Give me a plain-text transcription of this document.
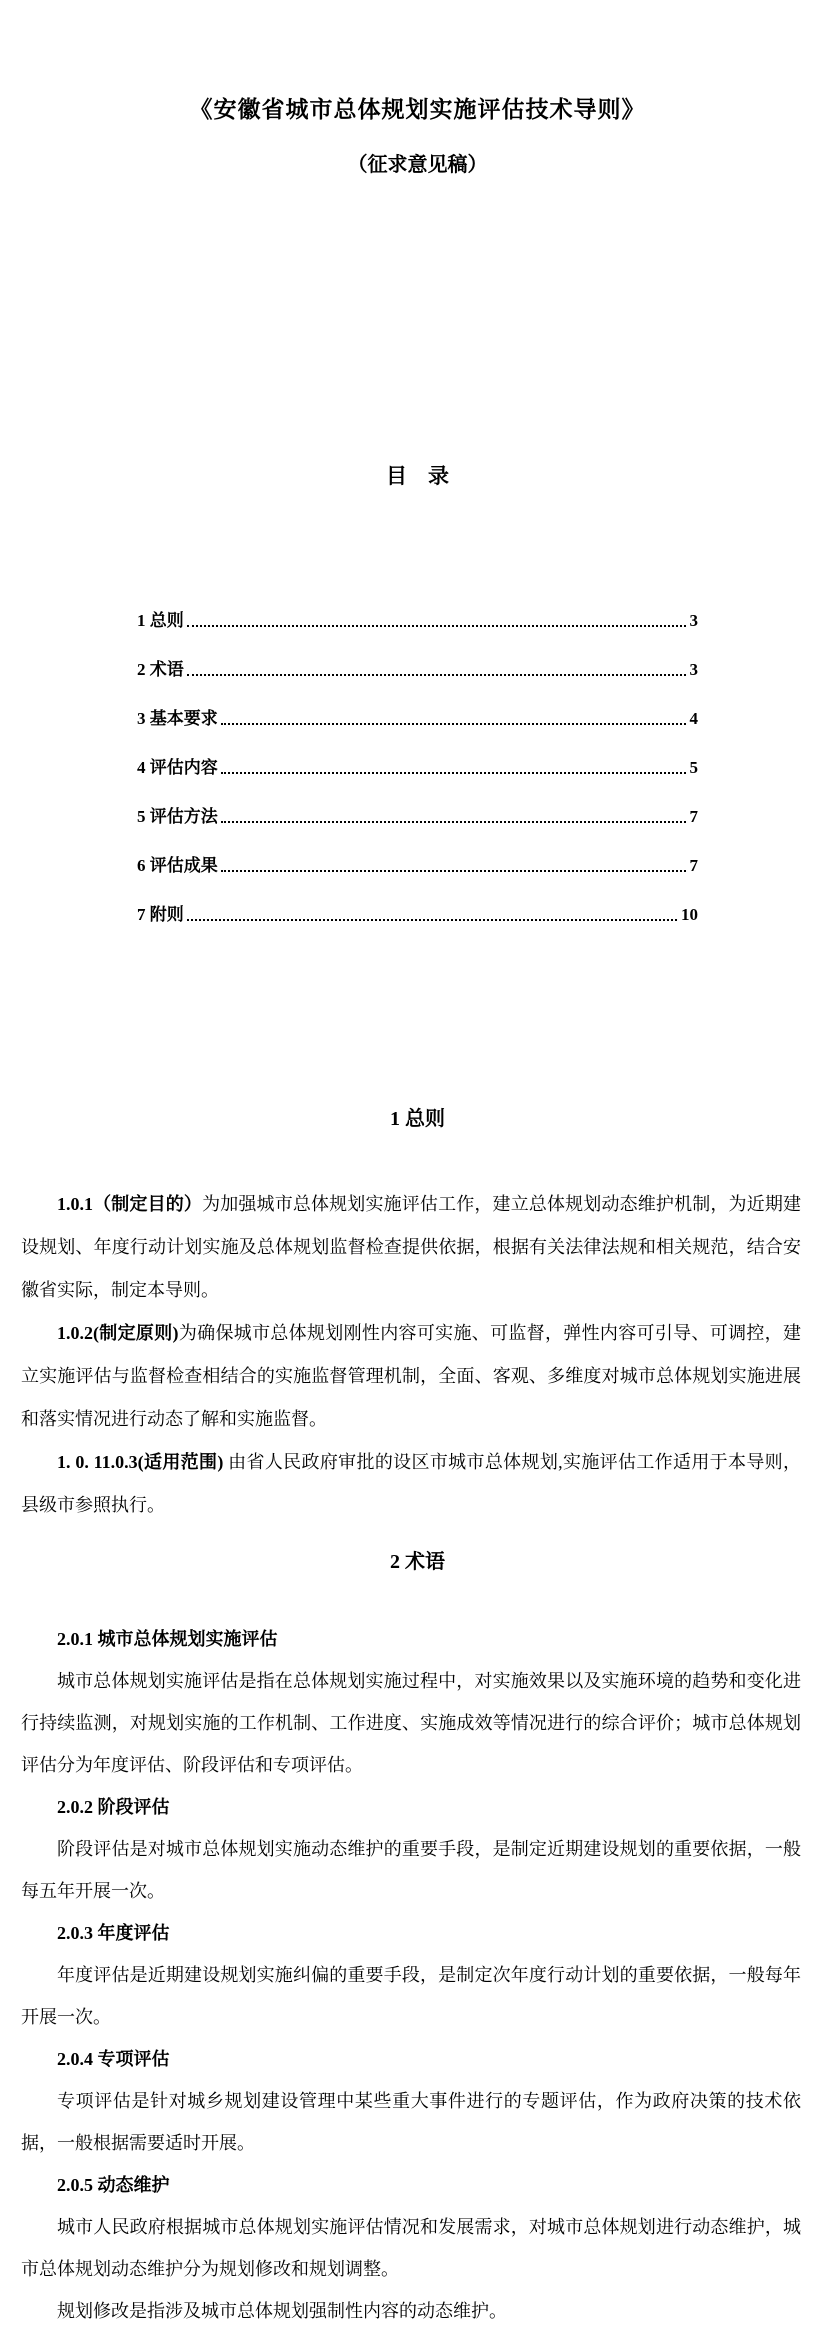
《安徽省城市总体规划实施评估技术导则》
（征求意见稿）
目　录
1 总则	3
2 术语	3
3 基本要求	4
4 评估内容	5
5 评估方法	7
6 评估成果	7
7 附则	10
1 总则

1.0.1（制定目的）为加强城市总体规划实施评估工作，建立总体规划动态维护机制，为近期建设规划、年度行动计划实施及总体规划监督检查提供依据，根据有关法律法规和相关规范，结合安徽省实际，制定本导则。

1.0.2(制定原则)为确保城市总体规划刚性内容可实施、可监督，弹性内容可引导、可调控，建立实施评估与监督检查相结合的实施监督管理机制，全面、客观、多维度对城市总体规划实施进展和落实情况进行动态了解和实施监督。

1. 0. 11.0.3(适用范围) 由省人民政府审批的设区市城市总体规划,实施评估工作适用于本导则，县级市参照执行。

2 术语

2.0.1 城市总体规划实施评估

城市总体规划实施评估是指在总体规划实施过程中，对实施效果以及实施环境的趋势和变化进行持续监测，对规划实施的工作机制、工作进度、实施成效等情况进行的综合评价；城市总体规划评估分为年度评估、阶段评估和专项评估。

2.0.2 阶段评估

阶段评估是对城市总体规划实施动态维护的重要手段，是制定近期建设规划的重要依据，一般每五年开展一次。

2.0.3 年度评估

年度评估是近期建设规划实施纠偏的重要手段，是制定次年度行动计划的重要依据，一般每年开展一次。

2.0.4 专项评估

专项评估是针对城乡规划建设管理中某些重大事件进行的专题评估，作为政府决策的技术依据，一般根据需要适时开展。

2.0.5 动态维护

城市人民政府根据城市总体规划实施评估情况和发展需求，对城市总体规划进行动态维护，城市总体规划动态维护分为规划修改和规划调整。

规划修改是指涉及城市总体规划强制性内容的动态维护。
